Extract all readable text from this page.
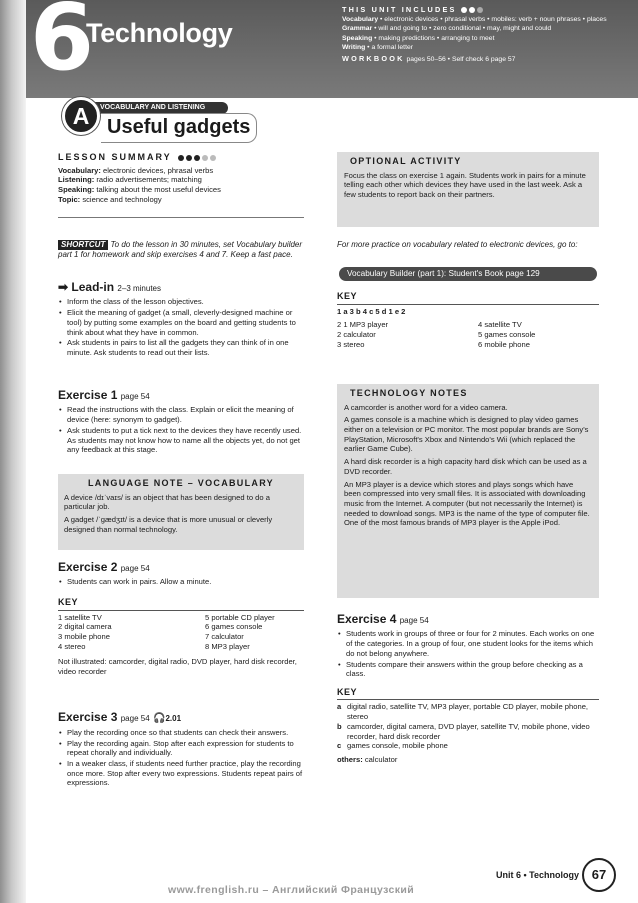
6
Technology
THIS UNIT INCLUDES
Vocabulary • electronic devices • phrasal verbs • mobiles: verb + noun phrases • places
Grammar • will and going to • zero conditional • may, might and could
Speaking • making predictions • arranging to meet
Writing • a formal letter
WORKBOOK pages 50–56 • Self check 6 page 57
VOCABULARY AND LISTENING
Useful gadgets
A
LESSON SUMMARY
Vocabulary: electronic devices, phrasal verbs
Listening: radio advertisements; matching
Speaking: talking about the most useful devices
Topic: science and technology
SHORTCUT To do the lesson in 30 minutes, set Vocabulary builder part 1 for homework and skip exercises 4 and 7. Keep a fast pace.
➡ Lead-in 2–3 minutes
• Inform the class of the lesson objectives.
• Elicit the meaning of gadget (a small, cleverly-designed machine or tool) by putting some examples on the board and getting students to think about what they have in common.
• Ask students in pairs to list all the gadgets they can think of in one minute. Ask students to read out their lists.
Exercise 1 page 54
• Read the instructions with the class. Explain or elicit the meaning of device (here: synonym to gadget).
• Ask students to put a tick next to the devices they have recently used. As students may not know how to name all the objects yet, do not get any feedback at this stage.
LANGUAGE NOTE – VOCABULARY

A device /dɪˈvaɪs/ is an object that has been designed to do a particular job.

A gadget /ˈɡædʒɪt/ is a device that is more unusual or cleverly designed than normal technology.

Exercise 2 page 54
• Students can work in pairs. Allow a minute.
KEY
1 satellite TV
2 digital camera
3 mobile phone
4 stereo
5 portable CD player
6 games console
7 calculator
8 MP3 player
Not illustrated: camcorder, digital radio, DVD player, hard disk recorder, video recorder
Exercise 3 page 54 🎧2.01
• Play the recording once so that students can check their answers.
• Play the recording again. Stop after each expression for students to repeat chorally and individually.
• In a weaker class, if students need further practice, play the recording once more. Stop after every two expressions. Students repeat pairs of expressions.
OPTIONAL ACTIVITY
Focus the class on exercise 1 again. Students work in pairs for a minute telling each other which devices they have used in the last week. Ask a few students to report back on their partners.
For more practice on vocabulary related to electronic devices, go to:
Vocabulary Builder (part 1): Student's Book page 129
KEY
1 a 3 b 4 c 5 d 1 e 2
2 1 MP3 player
2 calculator
3 stereo
4 satellite TV
5 games console
6 mobile phone
TECHNOLOGY NOTES

A camcorder is another word for a video camera.

A games console is a machine which is designed to play video games either on a television or PC monitor. The most popular brands are Sony's PlayStation, Microsoft's Xbox and Nintendo's Wii (which replaced the earlier Game Cube).

A hard disk recorder is a high capacity hard disk which can be used as a DVD recorder.

An MP3 player is a device which stores and plays songs which have been compressed into very small files. It is associated with downloading music from the Internet. A computer (but not necessarily the Internet) is needed to download songs. MP3 is the name of the type of computer file. One of the most famous brands of MP3 player is the Apple iPod.

Exercise 4 page 54
• Students work in groups of three or four for 2 minutes. Each works on one of the categories. In a group of four, one student looks for the items which do not belong anywhere.
• Students compare their answers within the group before checking as a class.
KEY
a digital radio, satellite TV, MP3 player, portable CD player, mobile phone, stereo
b camcorder, digital camera, DVD player, satellite TV, mobile phone, video recorder, hard disk recorder
c games console, mobile phone
others: calculator
Unit 6 • Technology 67
www.frenglish.ru – Английский Французский
